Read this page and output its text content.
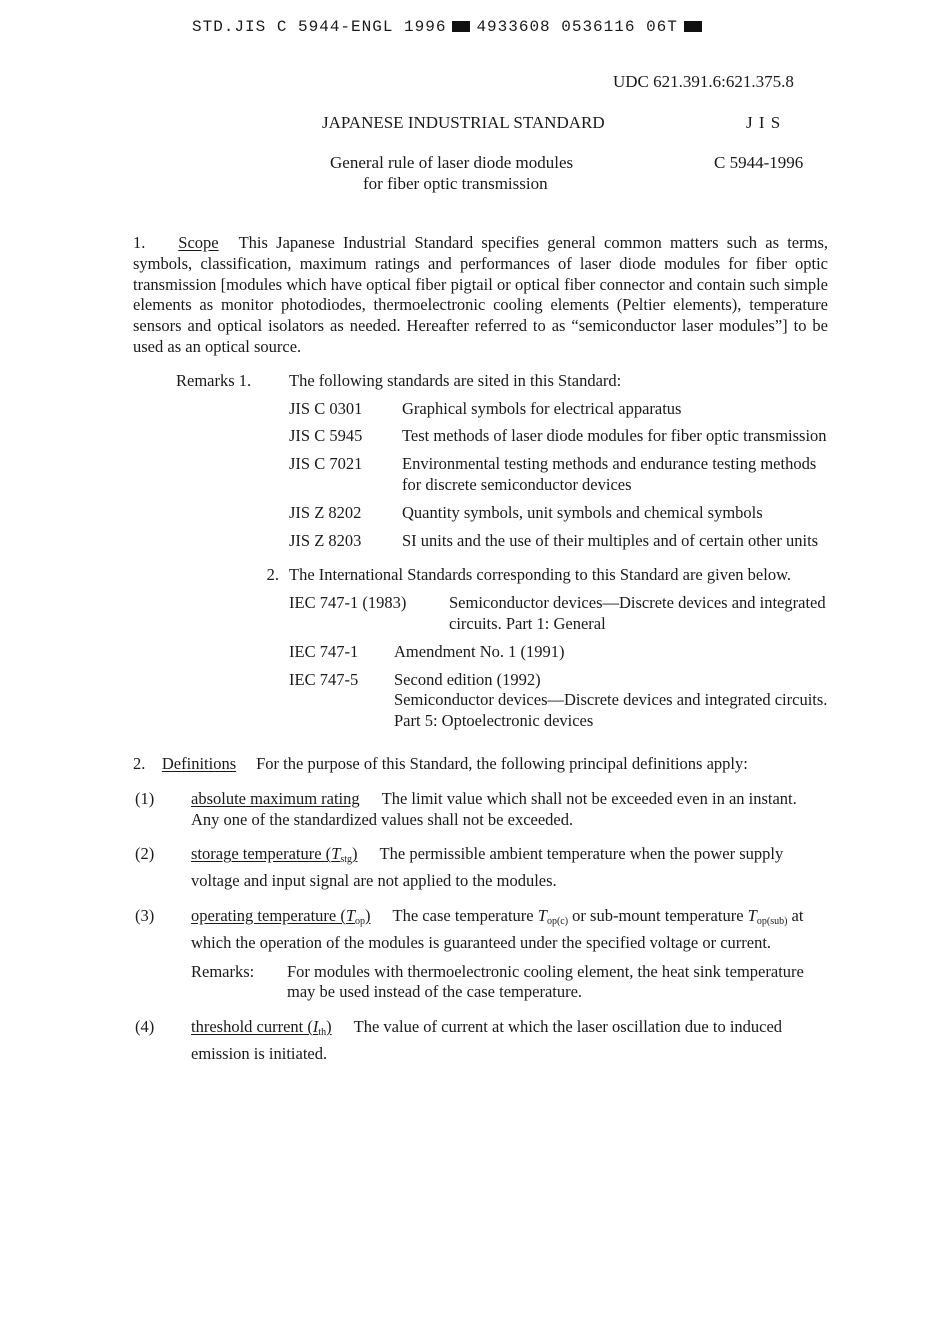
STD.JIS C 5944-ENGL 1996 4933608 0536116 06T
UDC 621.391.6:621.375.8
JAPANESE INDUSTRIAL STANDARD	J I S
General rule of laser diode modules
for fiber optic transmission
C 5944-1996

1. Scope This Japanese Industrial Standard specifies general common matters such as terms, symbols, classification, maximum ratings and performances of laser diode modules for fiber optic transmission [modules which have optical fiber pigtail or optical fiber connector and contain such simple elements as monitor photodiodes, thermoelectronic cooling elements (Peltier elements), temperature sensors and optical isolators as needed. Hereafter referred to as “semiconductor laser modules”] to be used as an optical source.

Remarks 1.	The following standards are sited in this Standard:
JIS C 0301	Graphical symbols for electrical apparatus
JIS C 5945	Test methods of laser diode modules for fiber optic transmission
JIS C 7021	Environmental testing methods and endurance testing methods for discrete semiconductor devices
JIS Z 8202	Quantity symbols, unit symbols and chemical symbols
JIS Z 8203	SI units and the use of their multiples and of certain other units
2. The International Standards corresponding to this Standard are given below.
IEC 747-1 (1983)	Semiconductor devices—Discrete devices and integrated circuits. Part 1: General
IEC 747-1	Amendment No. 1 (1991)
IEC 747-5	Second edition (1992)
Semiconductor devices—Discrete devices and integrated circuits. Part 5: Optoelectronic devices

2. Definitions For the purpose of this Standard, the following principal definitions apply:

(1)	absolute maximum rating The limit value which shall not be exceeded even in an instant. Any one of the standardized values shall not be exceeded.
(2)	storage temperature $(T_{stg})$ The permissible ambient temperature when the power supply voltage and input signal are not applied to the modules.
(3)	operating temperature $(T_{op})$ The case temperature $T_{op(c)}$ or sub-mount temperature $T_{op(sub)}$ at which the operation of the modules is guaranteed under the specified voltage or current.
Remarks:	For modules with thermoelectronic cooling element, the heat sink temperature may be used instead of the case temperature.
(4)	threshold current $(I_{th})$ The value of current at which the laser oscillation due to induced emission is initiated.
